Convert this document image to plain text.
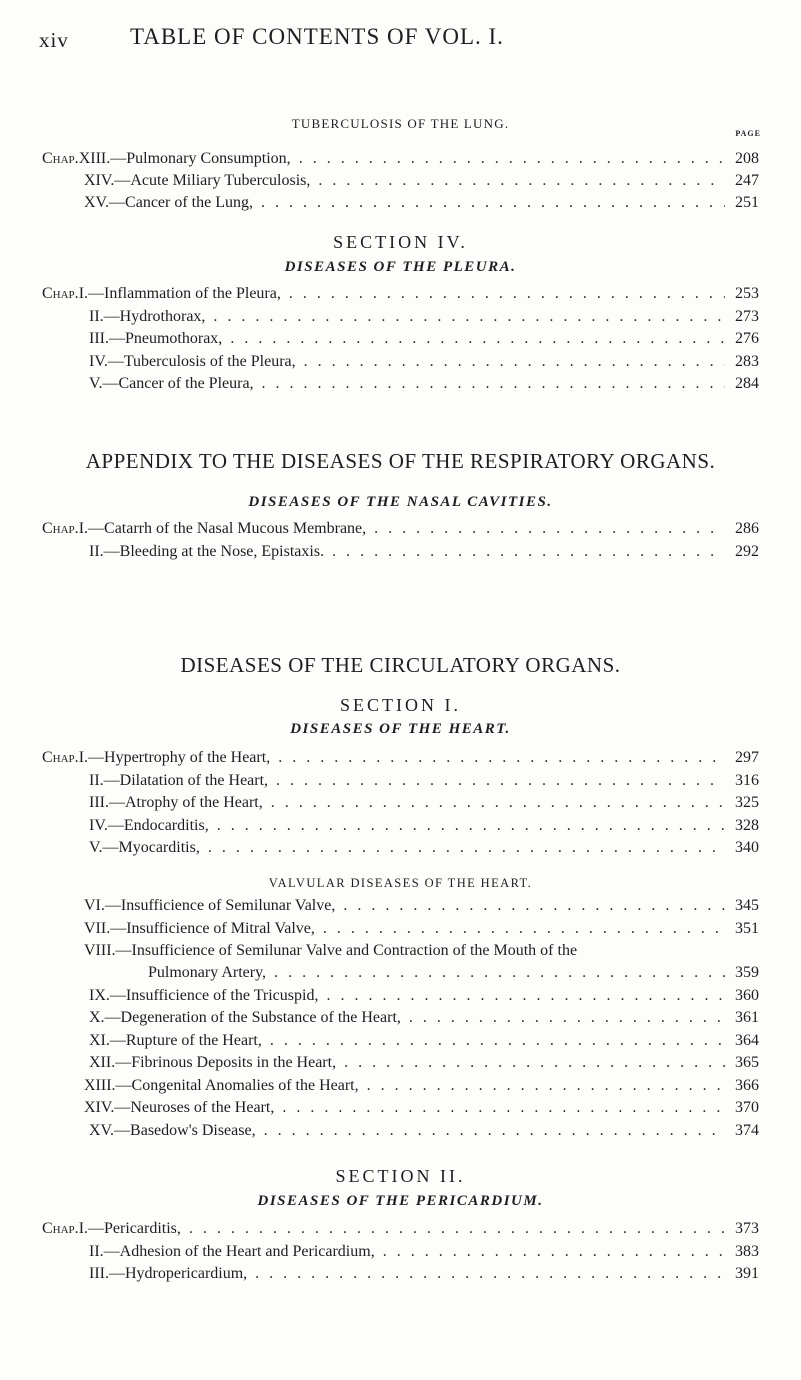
xiv	TABLE OF CONTENTS OF VOL. I.
TUBERCULOSIS OF THE LUNG.
PAGE
Chap. XIII.—Pulmonary Consumption, . . .	208
XIV.—Acute Miliary Tuberculosis, . . .	247
XV.—Cancer of the Lung, . . .	251
SECTION IV.
DISEASES OF THE PLEURA.
Chap. I.—Inflammation of the Pleura, . . .	253
II.—Hydrothorax, . . .	273
III.—Pneumothorax, . . .	276
IV.—Tuberculosis of the Pleura, . . .	283
V.—Cancer of the Pleura, . . .	284
APPENDIX TO THE DISEASES OF THE RESPIRATORY ORGANS.
DISEASES OF THE NASAL CAVITIES.
Chap. I.—Catarrh of the Nasal Mucous Membrane, . . .	286
II.—Bleeding at the Nose, Epistaxis. . . .	292
DISEASES OF THE CIRCULATORY ORGANS.
SECTION I.
DISEASES OF THE HEART.
Chap. I.—Hypertrophy of the Heart, . . .	297
II.—Dilatation of the Heart, . . .	316
III.—Atrophy of the Heart, . . .	325
IV.—Endocarditis, . . .	328
V.—Myocarditis, . . .	340
VALVULAR DISEASES OF THE HEART.
VI.—Insufficience of Semilunar Valve, . . .	345
VII.—Insufficience of Mitral Valve, . . .	351
VIII.—Insufficience of Semilunar Valve and Contraction of the Mouth of the
Pulmonary Artery, . . .	359
IX.—Insufficience of the Tricuspid, . . .	360
X.—Degeneration of the Substance of the Heart, . . .	361
XI.—Rupture of the Heart, . . .	364
XII.—Fibrinous Deposits in the Heart, . . .	365
XIII.—Congenital Anomalies of the Heart, . . .	366
XIV.—Neuroses of the Heart, . . .	370
XV.—Basedow's Disease, . . .	374
SECTION II.
DISEASES OF THE PERICARDIUM.
Chap. I.—Pericarditis, . . .	373
II.—Adhesion of the Heart and Pericardium, . . .	383
III.—Hydropericardium, . . .	391
